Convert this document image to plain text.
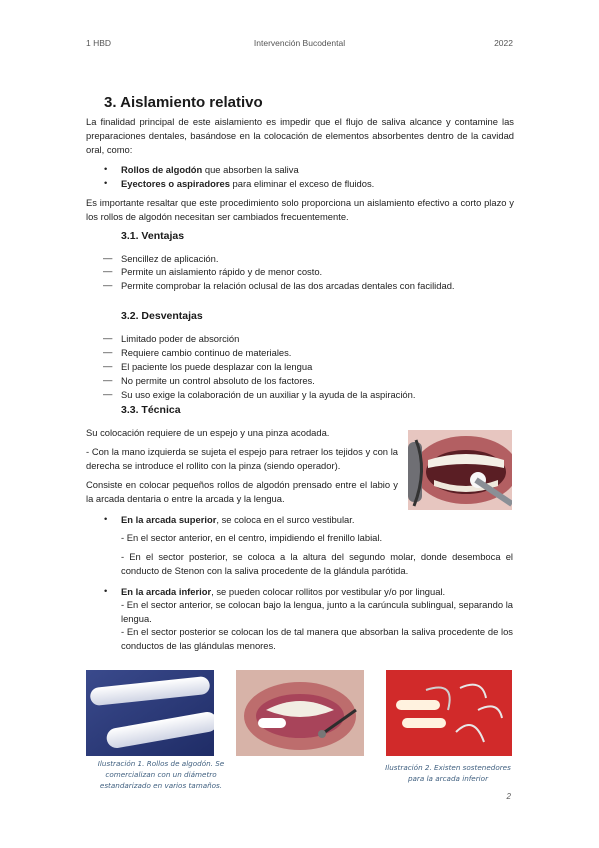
1 HBD	Intervención Bucodental	2022
3. Aislamiento relativo
La finalidad principal de este aislamiento es impedir que el flujo de saliva alcance y contamine las preparaciones dentales, basándose en la colocación de elementos absorbentes dentro de la cavidad oral, como:
• Rollos de algodón que absorben la saliva
• Eyectores o aspiradores para eliminar el exceso de fluidos.
Es importante resaltar que este procedimiento solo proporciona un aislamiento efectivo a corto plazo y los rollos de algodón necesitan ser cambiados frecuentemente.
3.1. Ventajas
— Sencillez de aplicación.
— Permite un aislamiento rápido y de menor costo.
— Permite comprobar la relación oclusal de las dos arcadas dentales con facilidad.
3.2. Desventajas
— Limitado poder de absorción
— Requiere cambio continuo de materiales.
— El paciente los puede desplazar con la lengua
— No permite un control absoluto de los factores.
— Su uso exige la colaboración de un auxiliar y la ayuda de la aspiración.
3.3. Técnica
Su colocación requiere de un espejo y una pinza acodada.
- Con la mano izquierda se sujeta el espejo para retraer los tejidos y con la derecha se introduce el rollito con la pinza (siendo operador).
Consiste en colocar pequeños rollos de algodón prensado entre el labio y la arcada dentaria o entre la arcada y la lengua.
• En la arcada superior, se coloca en el surco vestibular.
- En el sector anterior, en el centro, impidiendo el frenillo labial.
- En el sector posterior, se coloca a la altura del segundo molar, donde desemboca el conducto de Stenon con la saliva procedente de la glándula parótida.
• En la arcada inferior, se pueden colocar rollitos por vestibular y/o por lingual.
- En el sector anterior, se colocan bajo la lengua, junto a la carúncula sublingual, separando la lengua.
- En el sector posterior se colocan los de tal manera que absorban la saliva procedente de los conductos de las glándulas menores.
Ilustración 1. Rollos de algodón. Se comercializan con un diámetro estandarizado en varios tamaños.
Ilustración 2. Existen sostenedores para la arcada inferior
2
